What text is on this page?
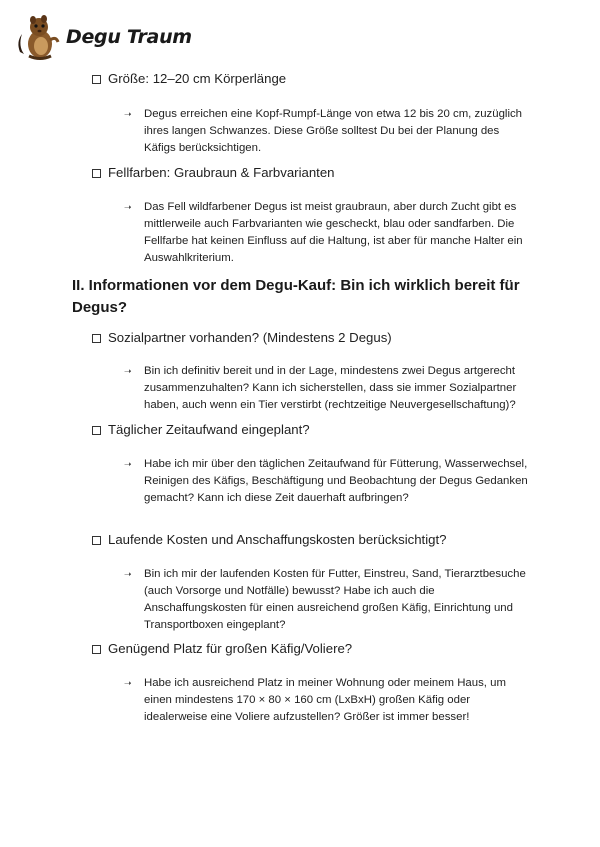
Degu Traum
Größe: 12–20 cm Körperlänge
➝ Degus erreichen eine Kopf-Rumpf-Länge von etwa 12 bis 20 cm, zuzüglich ihres langen Schwanzes. Diese Größe solltest Du bei der Planung des Käfigs berücksichtigen.
Fellfarben: Graubraun & Farbvarianten
➝ Das Fell wildfarbener Degus ist meist graubraun, aber durch Zucht gibt es mittlerweile auch Farbvarianten wie gescheckt, blau oder sandfarben. Die Fellfarbe hat keinen Einfluss auf die Haltung, ist aber für manche Halter ein Auswahlkriterium.
II. Informationen vor dem Degu-Kauf: Bin ich wirklich bereit für Degus?
Sozialpartner vorhanden? (Mindestens 2 Degus)
➝ Bin ich definitiv bereit und in der Lage, mindestens zwei Degus artgerecht zusammenzuhalten? Kann ich sicherstellen, dass sie immer Sozialpartner haben, auch wenn ein Tier verstirbt (rechtzeitige Neuvergesellschaftung)?
Täglicher Zeitaufwand eingeplant?
➝ Habe ich mir über den täglichen Zeitaufwand für Fütterung, Wasserwechsel, Reinigen des Käfigs, Beschäftigung und Beobachtung der Degus Gedanken gemacht? Kann ich diese Zeit dauerhaft aufbringen?
Laufende Kosten und Anschaffungskosten berücksichtigt?
➝ Bin ich mir der laufenden Kosten für Futter, Einstreu, Sand, Tierarztbesuche (auch Vorsorge und Notfälle) bewusst? Habe ich auch die Anschaffungskosten für einen ausreichend großen Käfig, Einrichtung und Transportboxen eingeplant?
Genügend Platz für großen Käfig/Voliere?
➝ Habe ich ausreichend Platz in meiner Wohnung oder meinem Haus, um einen mindestens 170 × 80 × 160 cm (LxBxH) großen Käfig oder idealerweise eine Voliere aufzustellen? Größer ist immer besser!
